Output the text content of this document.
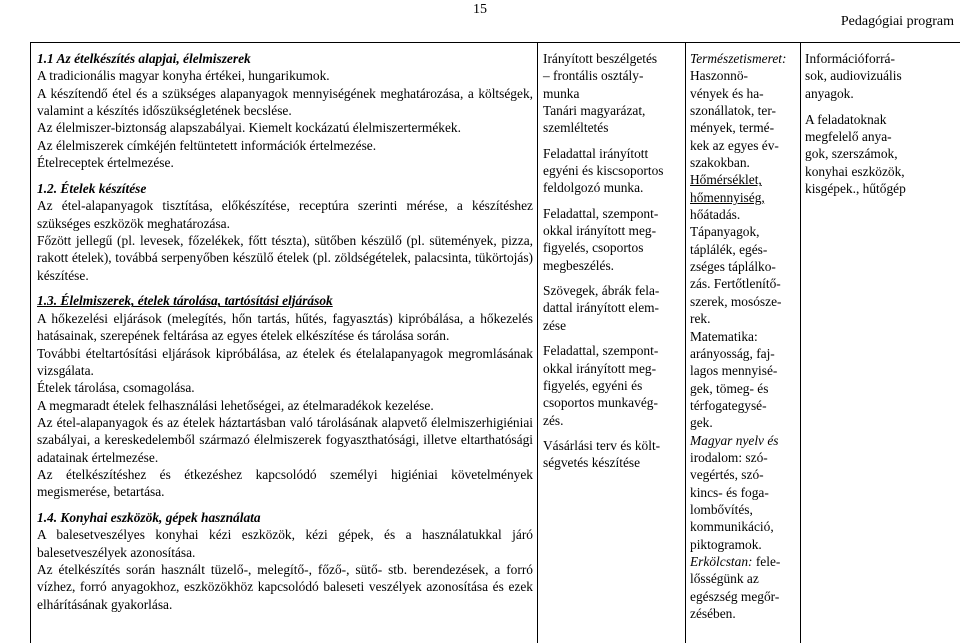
15
Pedagógiai program

1.1 Az ételkészítés alapjai, élelmiszerek

A tradicionális magyar konyha értékei, hungarikumok.

A készítendő étel és a szükséges alapanyagok mennyiségének meghatározása, a költségek, valamint a készítés időszükségletének becslése.

Az élelmiszer-biztonság alapszabályai. Kiemelt kockázatú élelmiszertermékek.

Az élelmiszerek címkéjén feltüntetett információk értelmezése.

Ételreceptek értelmezése.

1.2. Ételek készítése

Az étel-alapanyagok tisztítása, előkészítése, receptúra szerinti mérése, a készítéshez szükséges eszközök meghatározása.

Főzött jellegű (pl. levesek, főzelékek, főtt tészta), sütőben készülő (pl. sütemények, pizza, rakott ételek), továbbá serpenyőben készülő ételek (pl. zöldségételek, palacsinta, tükörtojás) készítése.

1.3. Élelmiszerek, ételek tárolása, tartósítási eljárások

A hőkezelési eljárások (melegítés, hőn tartás, hűtés, fagyasztás) kipróbálása, a hőkezelés hatásainak, szerepének feltárása az egyes ételek elkészítése és tárolása során.

További ételtartósítási eljárások kipróbálása, az ételek és ételalapanyagok megromlásának vizsgálata.

Ételek tárolása, csomagolása.

A megmaradt ételek felhasználási lehetőségei, az ételmaradékok kezelése.

Az étel-alapanyagok és az ételek háztartásban való tárolásának alapvető élelmiszerhigiéniai szabályai, a kereskedelemből származó élelmiszerek fogyaszthatósági, illetve eltarthatósági adatainak értelmezése.

Az ételkészítéshez és étkezéshez kapcsolódó személyi higiéniai követelmények megismerése, betartása.

1.4. Konyhai eszközök, gépek használata

A balesetveszélyes konyhai kézi eszközök, kézi gépek, és a használatukkal járó balesetveszélyek azonosítása.

Az ételkészítés során használt tüzelő-, melegítő-, főző-, sütő- stb. berendezések, a forró vízhez, forró anyagokhoz, eszközökhöz kapcsolódó baleseti veszélyek azonosítása és ezek elhárításának gyakorlása.

Irányított beszélgetés

– frontális osztály-

munka

Tanári magyarázat,

szemléltetés

Feladattal irányított

egyéni és kiscsoportos

feldolgozó munka.

Feladattal, szempont-

okkal irányított meg-

figyelés, csoportos

megbeszélés.

Szövegek, ábrák fela-

dattal irányított elem-

zése

Feladattal, szempont-

okkal irányított meg-

figyelés, egyéni és

csoportos munkavég-

zés.

Vásárlási terv és költ-

ségvetés készítése

Természetismeret: Haszonnö-

vények és ha-

szonállatok, ter-

mények, termé-

kek az egyes év-

szakokban.

Hőmérséklet,

hőmennyiség,

hőátadás.

Tápanyagok,

táplálék, egés-

zséges táplálko-

zás. Fertőtlenítő-

szerek, mosósze-

rek.

Matematika:

arányosság, faj-

lagos mennyisé-

gek, tömeg- és

térfogategysé-

gek.

Magyar nyelv és

irodalom: szó-

vegértés, szó-

kincs- és foga-

lombővítés,

kommunikáció,

piktogramok.

Erkölcstan: fele-

lősségünk az

egészség megőr-

zésében.

Információforrá-

sok, audiovizuális

anyagok.

A feladatoknak

megfelelő anya-

gok, szerszámok,

konyhai eszközök,

kisgépek., hűtőgép
